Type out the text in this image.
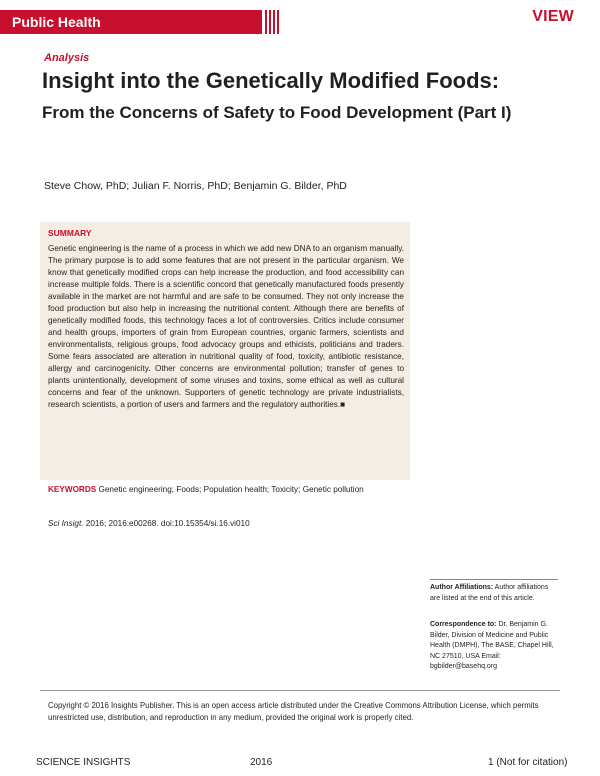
Public Health	VIEW
Analysis
Insight into the Genetically Modified Foods:
From the Concerns of Safety to Food Development (Part I)
Steve Chow, PhD; Julian F. Norris, PhD; Benjamin G. Bilder, PhD
SUMMARY
Genetic engineering is the name of a process in which we add new DNA to an organism manually. The primary purpose is to add some features that are not present in the particular organism. We know that genetically modified crops can help increase the production, and food accessibility can increase multiple folds. There is a scientific concord that genetically manufactured foods presently available in the market are not harmful and are safe to be consumed. They not only increase the food production but also help in increasing the nutritional content. Although there are benefits of genetically modified foods, this technology faces a lot of controversies. Critics include consumer and health groups, importers of grain from European countries, organic farmers, scientists and environmentalists, religious groups, food advocacy groups and ethicists, politicians and traders. Some fears associated are alteration in nutritional quality of food, toxicity, antibiotic resistance, allergy and carcinogenicity. Other concerns are environmental pollution; transfer of genes to plants unintentionally, development of some viruses and toxins, some ethical as well as cultural concerns and fear of the unknown. Supporters of genetic technology are private industrialists, research scientists, a portion of users and farmers and the regulatory authorities.■
KEYWORDS Genetic engineering; Foods; Population health; Toxicity; Genetic pollution
Sci Insigt. 2016; 2016:e00268. doi:10.15354/si.16.vi010
Author Affiliations: Author affiliations are listed at the end of this article.
Correspondence to: Dr. Benjamin G. Bilder, Division of Medicine and Public Health (DMPH), The BASE, Chapel Hill, NC 27510, USA Email: bgbilder@basehq.org
Copyright © 2016 Insights Publisher. This is an open access article distributed under the Creative Commons Attribution License, which permits unrestricted use, distribution, and reproduction in any medium, provided the original work is properly cited.
SCIENCE INSIGHTS	2016	1 (Not for citation)
